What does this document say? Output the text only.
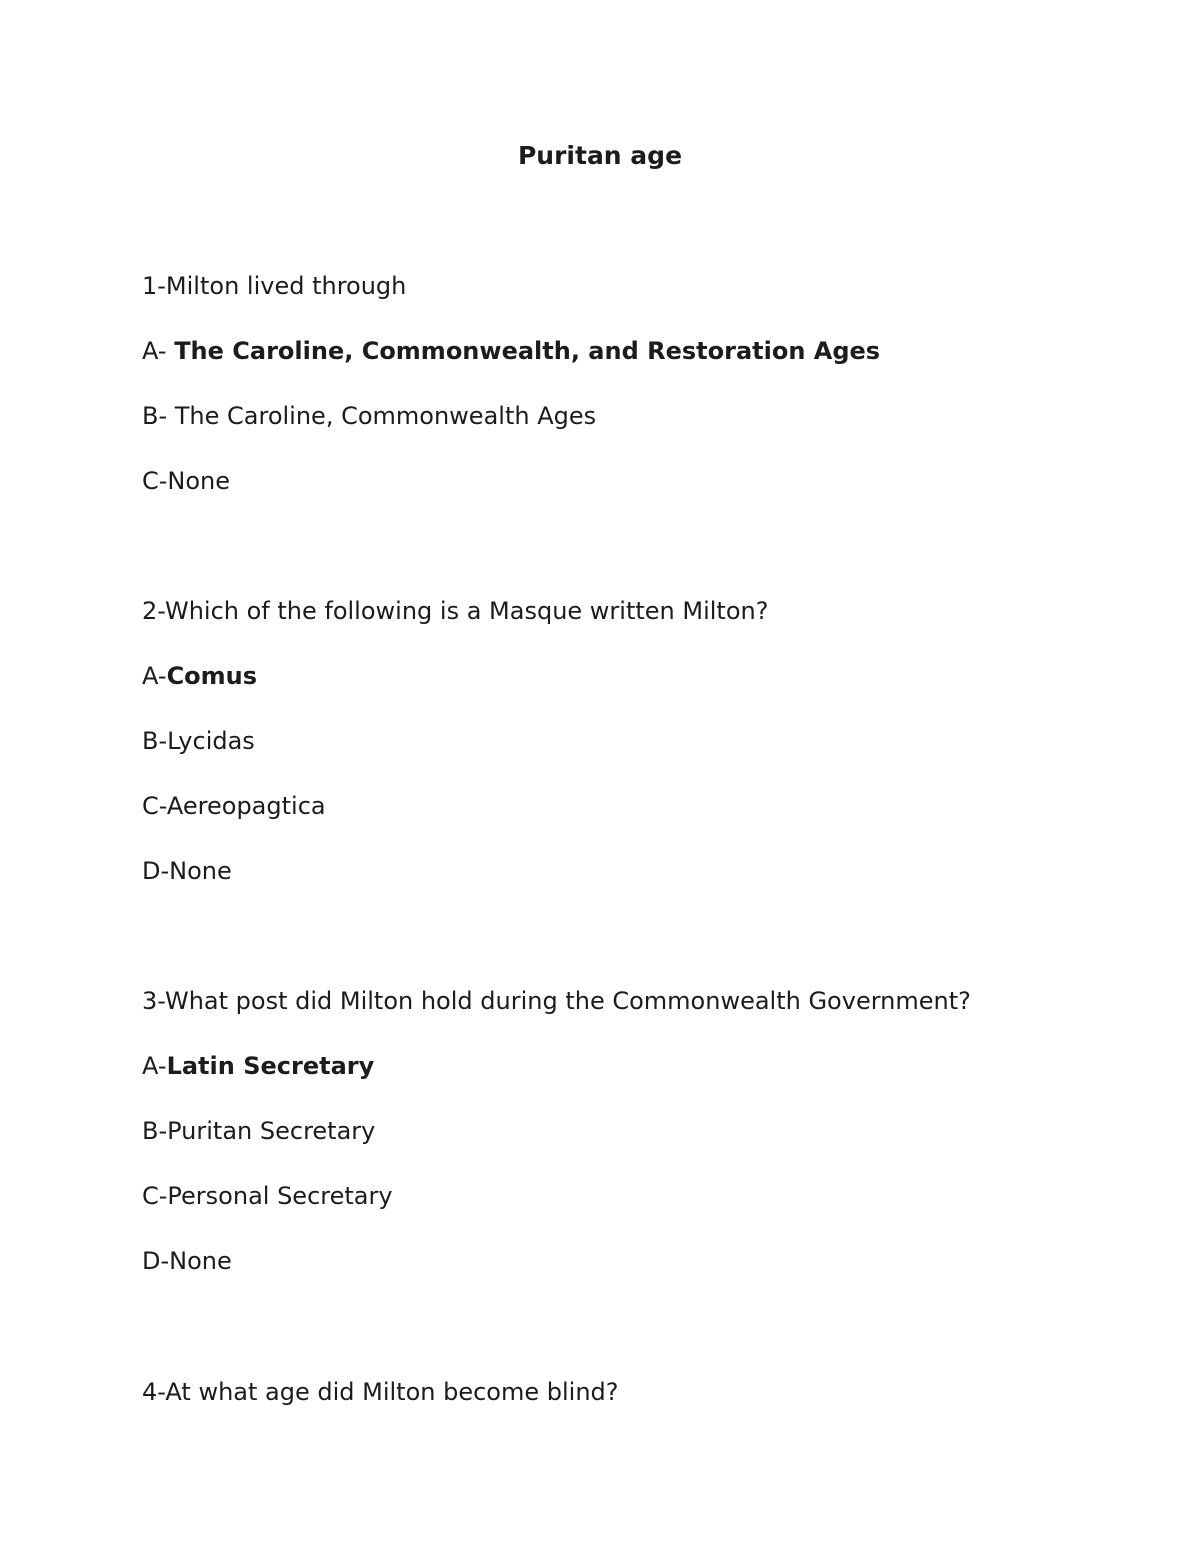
Puritan age
1-Milton lived through
A- The Caroline, Commonwealth, and Restoration Ages
B- The Caroline, Commonwealth Ages
C-None
2-Which of the following is a Masque written Milton?
A-Comus
B-Lycidas
C-Aereopagtica
D-None
3-What post did Milton hold during the Commonwealth Government?
A-Latin Secretary
B-Puritan Secretary
C-Personal Secretary
D-None
4-At what age did Milton become blind?
